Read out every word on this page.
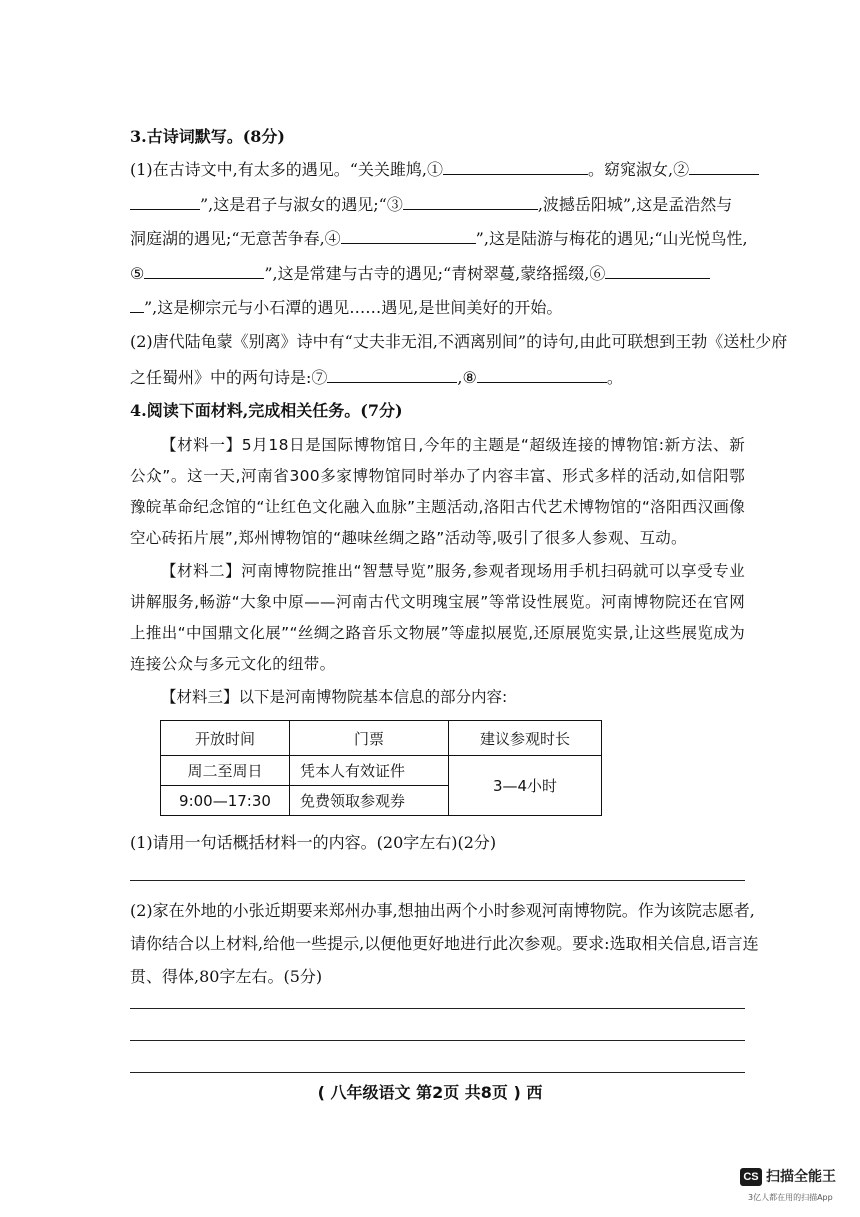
3.古诗词默写。(8分)
(1)在古诗文中,有太多的遇见。“关关雎鸠,①	。窈窕淑女,②
”,这是君子与淑女的遇见;“③	,波撼岳阳城”,这是孟浩然与
洞庭湖的遇见;“无意苦争春,④	”,这是陆游与梅花的遇见;“山光悦鸟性,
⑤	”,这是常建与古寺的遇见;“青树翠蔓,蒙络摇缀,⑥
”,这是柳宗元与小石潭的遇见……遇见,是世间美好的开始。
(2)唐代陆龟蒙《别离》诗中有“丈夫非无泪,不洒离别间”的诗句,由此可联想到王勃《送杜少府
之任蜀州》中的两句诗是:⑦	,⑧	。
4.阅读下面材料,完成相关任务。(7分)
【材料一】5月18日是国际博物馆日,今年的主题是“超级连接的博物馆:新方法、新公众”。这一天,河南省300多家博物馆同时举办了内容丰富、形式多样的活动,如信阳鄂豫皖革命纪念馆的“让红色文化融入血脉”主题活动,洛阳古代艺术博物馆的“洛阳西汉画像空心砖拓片展”,郑州博物馆的“趣味丝绸之路”活动等,吸引了很多人参观、互动。
【材料二】河南博物院推出“智慧导览”服务,参观者现场用手机扫码就可以享受专业讲解服务,畅游“大象中原——河南古代文明瑰宝展”等常设性展览。河南博物院还在官网上推出“中国鼎文化展”“丝绸之路音乐文物展”等虚拟展览,还原展览实景,让这些展览成为连接公众与多元文化的纽带。
【材料三】以下是河南博物院基本信息的部分内容:
开放时间	门票	建议参观时长
周二至周日	凭本人有效证件	3—4小时
9:00—17:30	免费领取参观券	
(1)请用一句话概括材料一的内容。(20字左右)(2分)
(2)家在外地的小张近期要来郑州办事,想抽出两个小时参观河南博物院。作为该院志愿者,
请你结合以上材料,给他一些提示,以便他更好地进行此次参观。要求:选取相关信息,语言连
贯、得体,80字左右。(5分)
( 八年级语文 第2页 共8页 ) 西
CS 扫描全能王
3亿人都在用的扫描App
